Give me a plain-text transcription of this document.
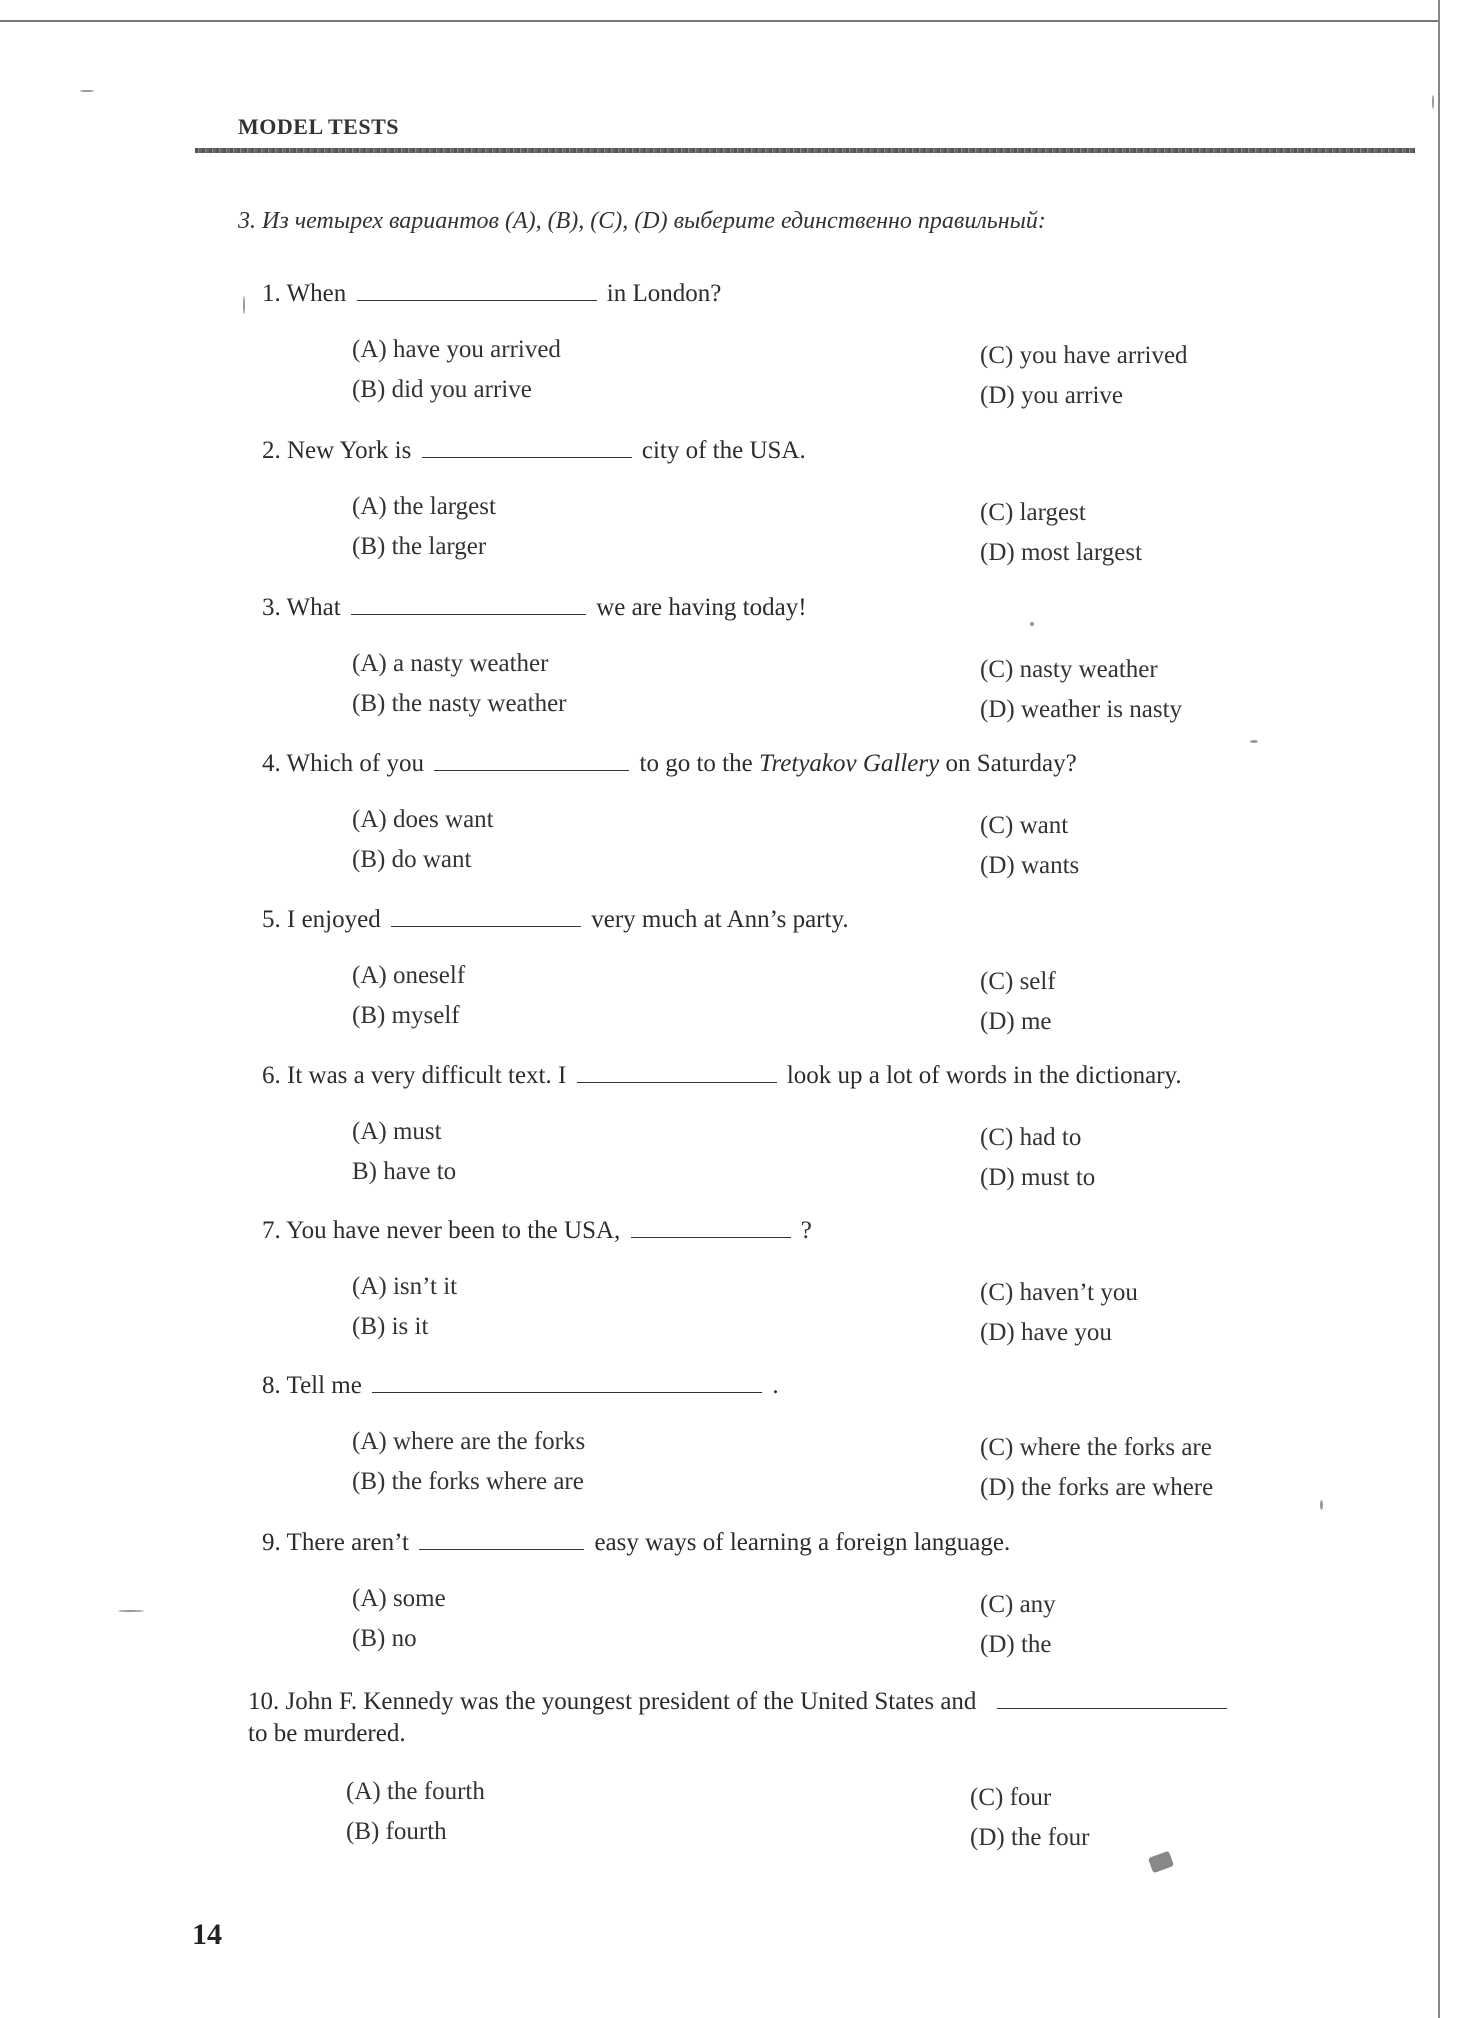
MODEL TESTS
3. Из четырех вариантов (A), (B), (C), (D) выберите единственно правильный:
1. When	in London?
(A) have you arrived
(B) did you arrive
(C) you have arrived
(D) you arrive
2. New York is	city of the USA.
(A) the largest
(B) the larger
(C) largest
(D) most largest
3. What	we are having today!
(A) a nasty weather
(B) the nasty weather
(C) nasty weather
(D) weather is nasty
4. Which of you	to go to the Tretyakov Gallery on Saturday?
(A) does want
(B) do want
(C) want
(D) wants
5. I enjoyed	very much at Ann’s party.
(A) oneself
(B) myself
(C) self
(D) me
6. It was a very difficult text. I	look up a lot of words in the dictionary.
(A) must
B) have to
(C) had to
(D) must to
7. You have never been to the USA,	?
(A) isn’t it
(B) is it
(C) haven’t you
(D) have you
8. Tell me	.
(A) where are the forks
(B) the forks where are
(C) where the forks are
(D) the forks are where
9. There aren’t	easy ways of learning a foreign language.
(A) some
(B) no
(C) any
(D) the
10. John F. Kennedy was the youngest president of the United States and
to be murdered.
(A) the fourth
(B) fourth
(C) four
(D) the four
14
